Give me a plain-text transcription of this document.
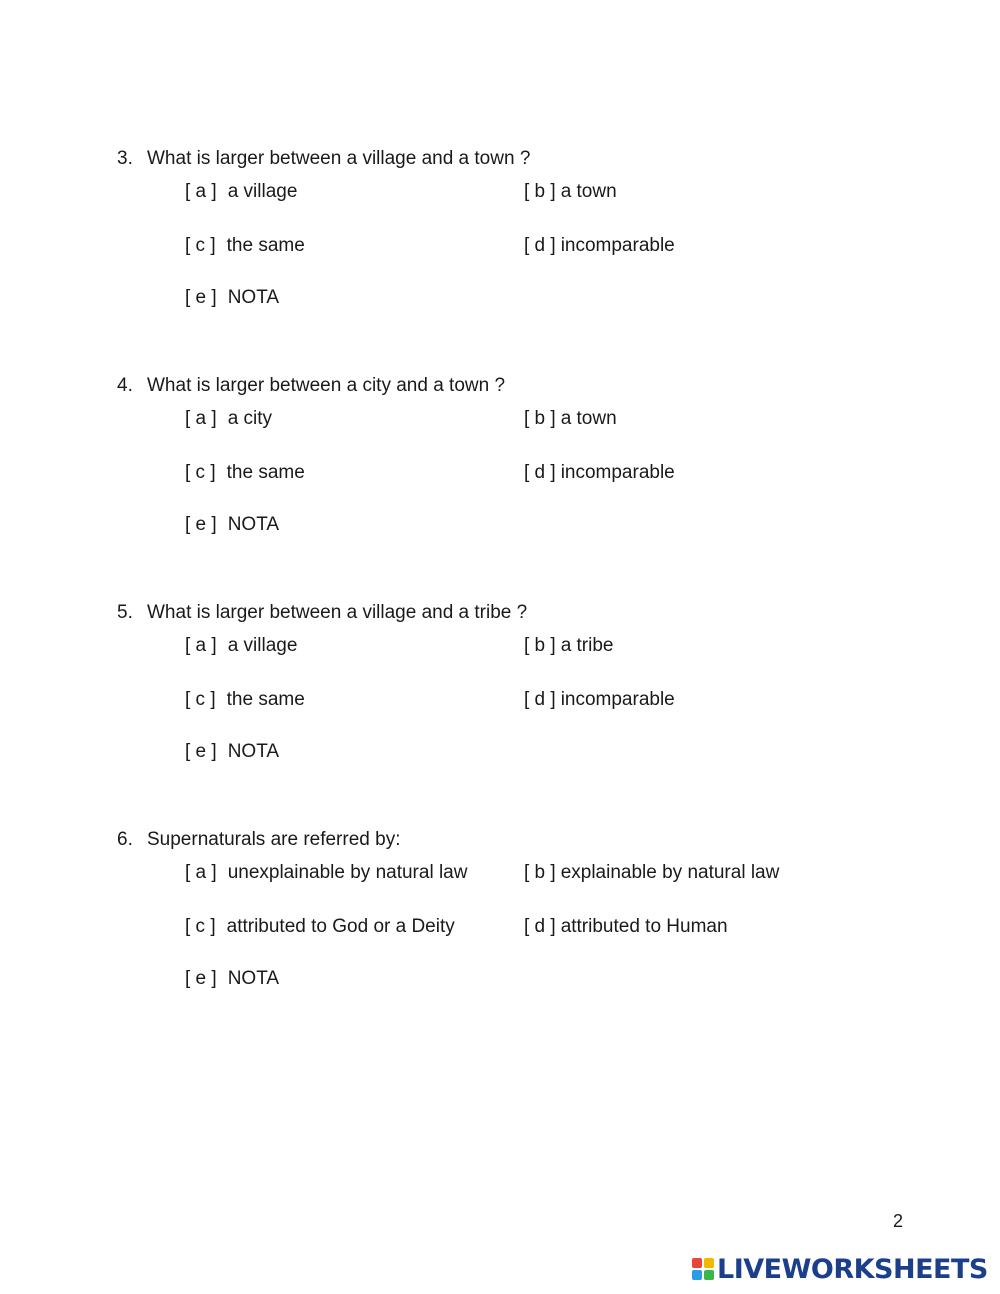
3. What is larger between a village and a town ?
[ a ] a village	[ b ] a town
[ c ] the same	[ d ] incomparable
[ e ] NOTA
4. What is larger between a city and a town ?
[ a ] a city	[ b ] a town
[ c ] the same	[ d ] incomparable
[ e ] NOTA
5. What is larger between a village and a tribe ?
[ a ] a village	[ b ] a tribe
[ c ] the same	[ d ] incomparable
[ e ] NOTA
6. Supernaturals are referred by:
[ a ] unexplainable by natural law	[ b ] explainable by natural law
[ c ] attributed to God or a Deity	[ d ] attributed to Human
[ e ] NOTA
2
LIVEWORKSHEETS
